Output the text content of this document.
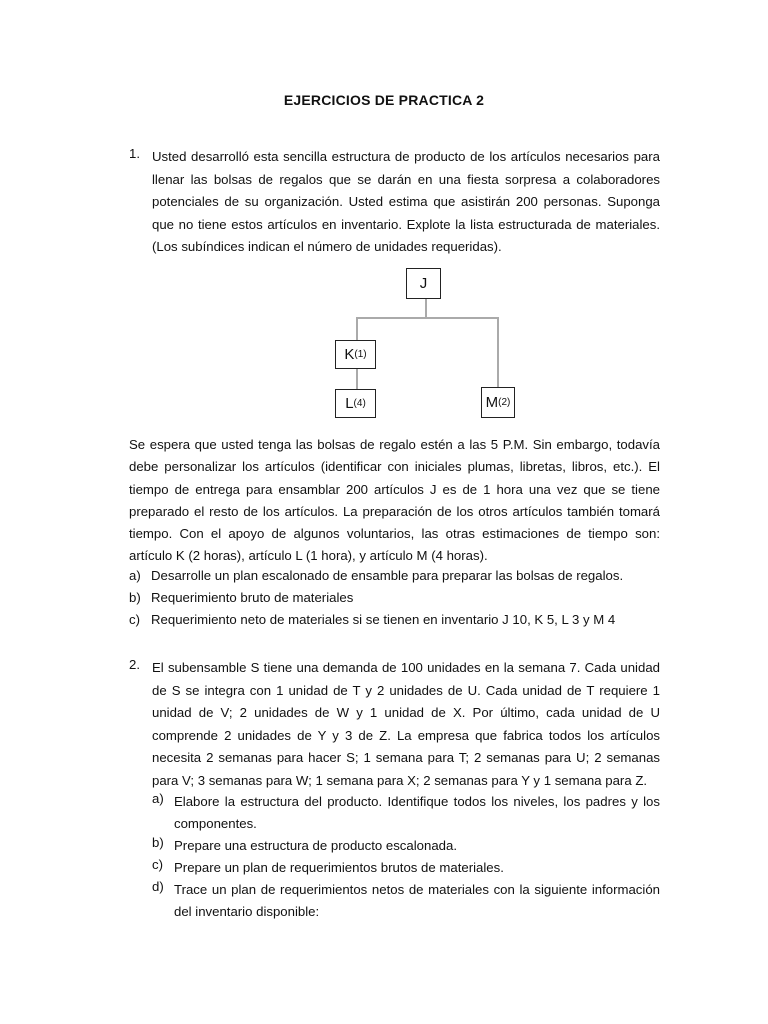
EJERCICIOS DE PRACTICA 2
1. Usted desarrolló esta sencilla estructura de producto de los artículos necesarios para llenar las bolsas de regalos que se darán en una fiesta sorpresa a colaboradores potenciales de su organización. Usted estima que asistirán 200 personas. Suponga que no tiene estos artículos en inventario. Explote la lista estructurada de materiales. (Los subíndices indican el número de unidades requeridas).
J
K (1)
L (4)	M (2)
Se espera que usted tenga las bolsas de regalo estén a las 5 P.M. Sin embargo, todavía debe personalizar los artículos (identificar con iniciales plumas, libretas, libros, etc.). El tiempo de entrega para ensamblar 200 artículos J es de 1 hora una vez que se tiene preparado el resto de los artículos. La preparación de los otros artículos también tomará tiempo. Con el apoyo de algunos voluntarios, las otras estimaciones de tiempo son: artículo K (2 horas), artículo L (1 hora), y artículo M (4 horas).
a) Desarrolle un plan escalonado de ensamble para preparar las bolsas de regalos.
b) Requerimiento bruto de materiales
c) Requerimiento neto de materiales si se tienen en inventario J 10, K 5, L 3 y M 4
2. El subensamble S tiene una demanda de 100 unidades en la semana 7. Cada unidad de S se integra con 1 unidad de T y 2 unidades de U. Cada unidad de T requiere 1 unidad de V; 2 unidades de W y 1 unidad de X. Por último, cada unidad de U comprende 2 unidades de Y y 3 de Z. La empresa que fabrica todos los artículos necesita 2 semanas para hacer S; 1 semana para T; 2 semanas para U; 2 semanas para V; 3 semanas para W; 1 semana para X; 2 semanas para Y y 1 semana para Z.
a) Elabore la estructura del producto. Identifique todos los niveles, los padres y los componentes.
b) Prepare una estructura de producto escalonada.
c) Prepare un plan de requerimientos brutos de materiales.
d) Trace un plan de requerimientos netos de materiales con la siguiente información del inventario disponible:
